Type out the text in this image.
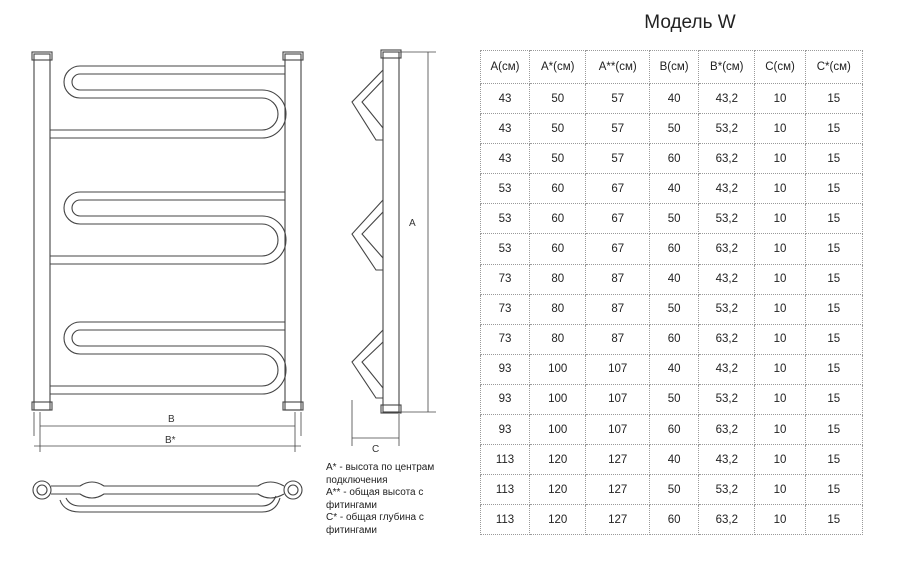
B
B*
A
C
Модель W
A(см)	A*(см)	A**(см)	B(см)	B*(см)	C(см)	C*(см)
43	50	57	40	43,2	10	15
43	50	57	50	53,2	10	15
43	50	57	60	63,2	10	15
53	60	67	40	43,2	10	15
53	60	67	50	53,2	10	15
53	60	67	60	63,2	10	15
73	80	87	40	43,2	10	15
73	80	87	50	53,2	10	15
73	80	87	60	63,2	10	15
93	100	107	40	43,2	10	15
93	100	107	50	53,2	10	15
93	100	107	60	63,2	10	15
113	120	127	40	43,2	10	15
113	120	127	50	53,2	10	15
113	120	127	60	63,2	10	15
A* - высота по центрам подключения
A** - общая высота с фитингами
C* - общая глубина с фитингами
